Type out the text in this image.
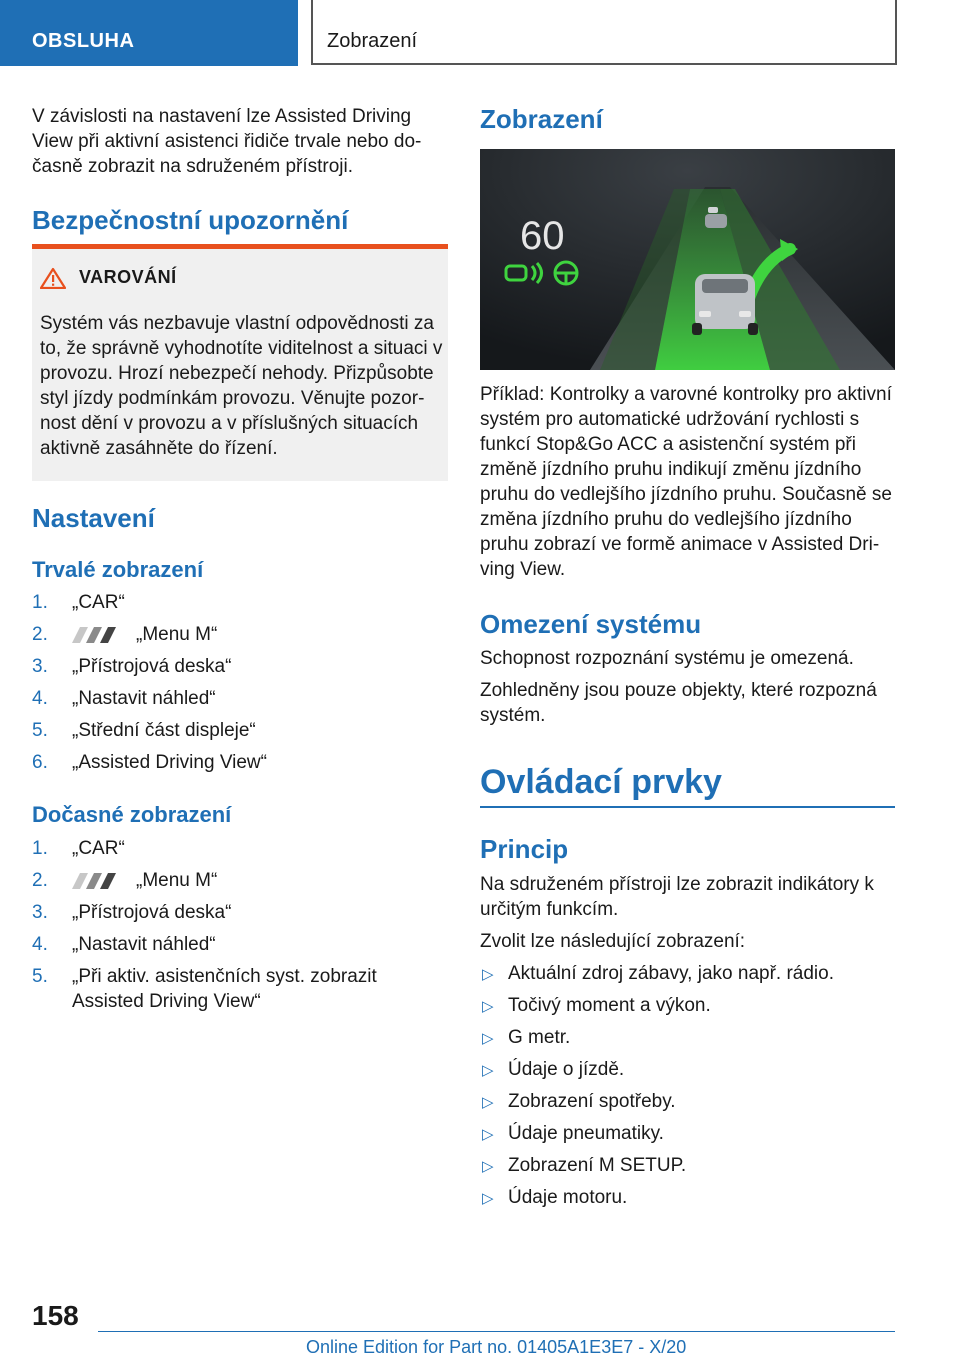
OBSLUHA	Zobrazení

V závislosti na nastavení lze Assisted Driving View při aktivní asistenci řidiče trvale nebo do-časně zobrazit na sdruženém přístroji.

Bezpečnostní upozornění
VAROVÁNÍ
Systém vás nezbavuje vlastní odpovědnosti za to, že správně vyhodnotíte viditelnost a situaci v provozu. Hrozí nebezpečí nehody. Přizpůsobte styl jízdy podmínkám provozu. Věnujte pozor-nost dění v provozu a v příslušných situacích aktivně zasáhněte do řízení.
Nastavení
Trvalé zobrazení
1. „CAR“
2.	„Menu M“
3. „Přístrojová deska“
4. „Nastavit náhled“
5. „Střední část displeje“
6. „Assisted Driving View“
Dočasné zobrazení
1. „CAR“
2.	„Menu M“
3. „Přístrojová deska“
4. „Nastavit náhled“
5. „Při aktiv. asistenčních syst. zobrazit Assisted Driving View“
Zobrazení
60

Příklad: Kontrolky a varovné kontrolky pro aktivní systém pro automatické udržování rychlosti s funkcí Stop&Go ACC a asistenční systém při změně jízdního pruhu indikují změnu jízdního pruhu do vedlejšího jízdního pruhu. Současně se změna jízdního pruhu do vedlejšího jízdního pruhu zobrazí ve formě animace v Assisted Dri-ving View.

Omezení systému

Schopnost rozpoznání systému je omezená.

Zohledněny jsou pouze objekty, které rozpozná systém.

Ovládací prvky
Princip

Na sdruženém přístroji lze zobrazit indikátory k určitým funkcím.

Zvolit lze následující zobrazení:

▷ Aktuální zdroj zábavy, jako např. rádio.
▷ Točivý moment a výkon.
▷ G metr.
▷ Údaje o jízdě.
▷ Zobrazení spotřeby.
▷ Údaje pneumatiky.
▷ Zobrazení M SETUP.
▷ Údaje motoru.
158
Online Edition for Part no. 01405A1E3E7 - X/20
